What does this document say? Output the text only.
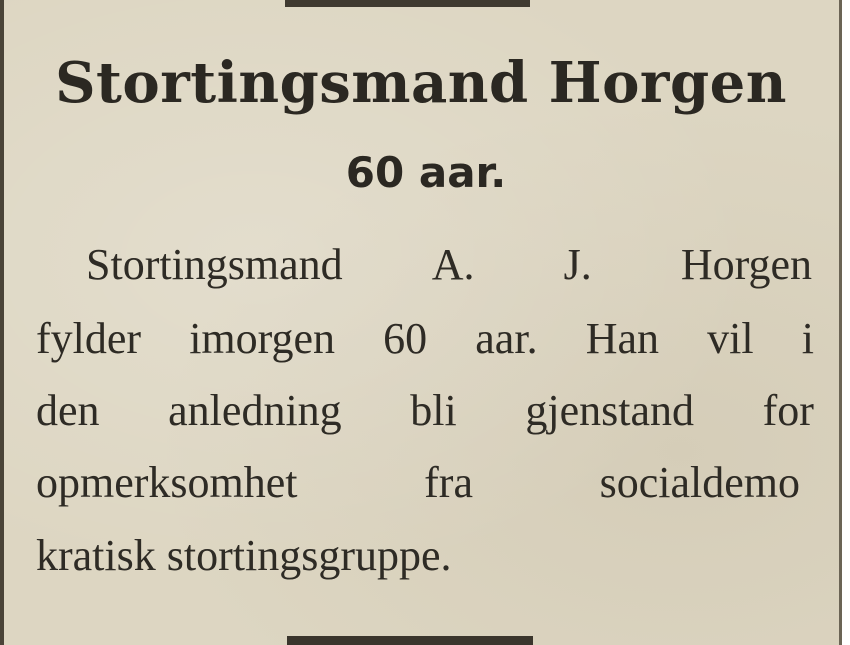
Stortingsmand Horgen
60 aar.
Stortingsmand A. J. Horgen
fylder imorgen 60 aar. Han vil i
den anledning bli gjenstand for
opmerksomhet	fra	socialdemo
kratisk stortingsgruppe.
